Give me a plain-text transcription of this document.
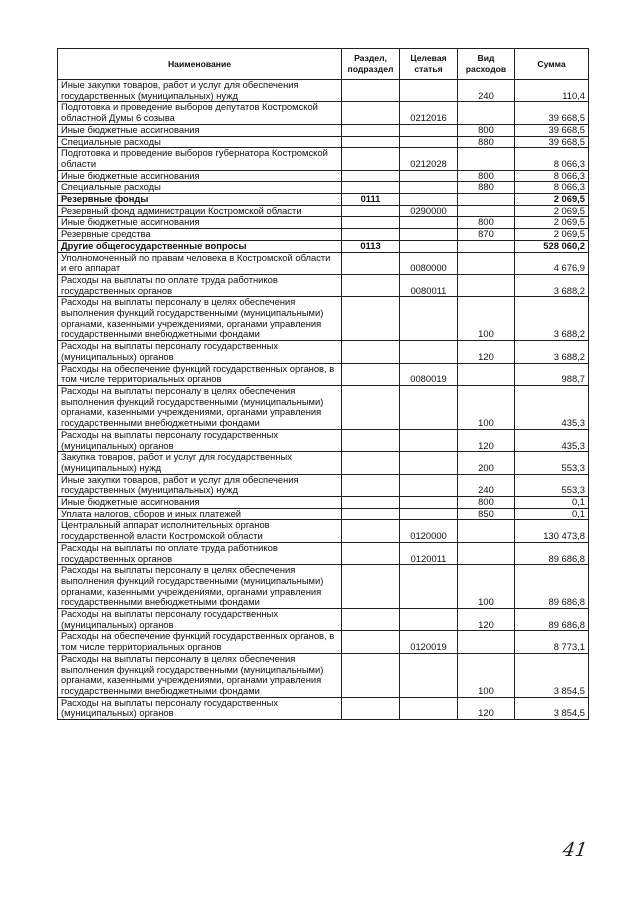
Наименование	Раздел, подраздел	Целевая статья	Вид расходов	Сумма
Иные закупки товаров, работ и услуг для обеспечения государственных (муниципальных) нужд			240	110,4
Подготовка и проведение выборов депутатов Костромской областной Думы 6 созыва		0212016		39 668,5
Иные бюджетные ассигнования			800	39 668,5
Специальные расходы			880	39 668,5
Подготовка и проведение выборов губернатора Костромской области		0212028		8 066,3
Иные бюджетные ассигнования			800	8 066,3
Специальные расходы			880	8 066,3
Резервные фонды	0111			2 069,5
Резервный фонд администрации Костромской области		0290000		2 069,5
Иные бюджетные ассигнования			800	2 069,5
Резервные средства			870	2 069,5
Другие общегосударственные вопросы	0113			528 060,2
Уполномоченный по правам человека в Костромской области и его аппарат		0080000		4 676,9
Расходы на выплаты по оплате труда работников государственных органов		0080011		3 688,2
Расходы на выплаты персоналу в целях обеспечения выполнения функций государственными (муниципальными) органами, казенными учреждениями, органами управления государственными внебюджетными фондами			100	3 688,2
Расходы на выплаты персоналу государственных (муниципальных) органов			120	3 688,2
Расходы на обеспечение функций государственных органов, в том числе территориальных органов		0080019		988,7
Расходы на выплаты персоналу в целях обеспечения выполнения функций государственными (муниципальными) органами, казенными учреждениями, органами управления государственными внебюджетными фондами			100	435,3
Расходы на выплаты персоналу государственных (муниципальных) органов			120	435,3
Закупка товаров, работ и услуг для государственных (муниципальных) нужд			200	553,3
Иные закупки товаров, работ и услуг для обеспечения государственных (муниципальных) нужд			240	553,3
Иные бюджетные ассигнования			800	0,1
Уплата налогов, сборов и иных платежей			850	0,1
Центральный аппарат исполнительных органов государственной власти Костромской области		0120000		130 473,8
Расходы на выплаты по оплате труда работников государственных органов		0120011		89 686,8
Расходы на выплаты персоналу в целях обеспечения выполнения функций государственными (муниципальными) органами, казенными учреждениями, органами управления государственными внебюджетными фондами			100	89 686,8
Расходы на выплаты персоналу государственных (муниципальных) органов			120	89 686,8
Расходы на обеспечение функций государственных органов, в том числе территориальных органов		0120019		8 773,1
Расходы на выплаты персоналу в целях обеспечения выполнения функций государственными (муниципальными) органами, казенными учреждениями, органами управления государственными внебюджетными фондами			100	3 854,5
Расходы на выплаты персоналу государственных (муниципальных) органов			120	3 854,5
41
